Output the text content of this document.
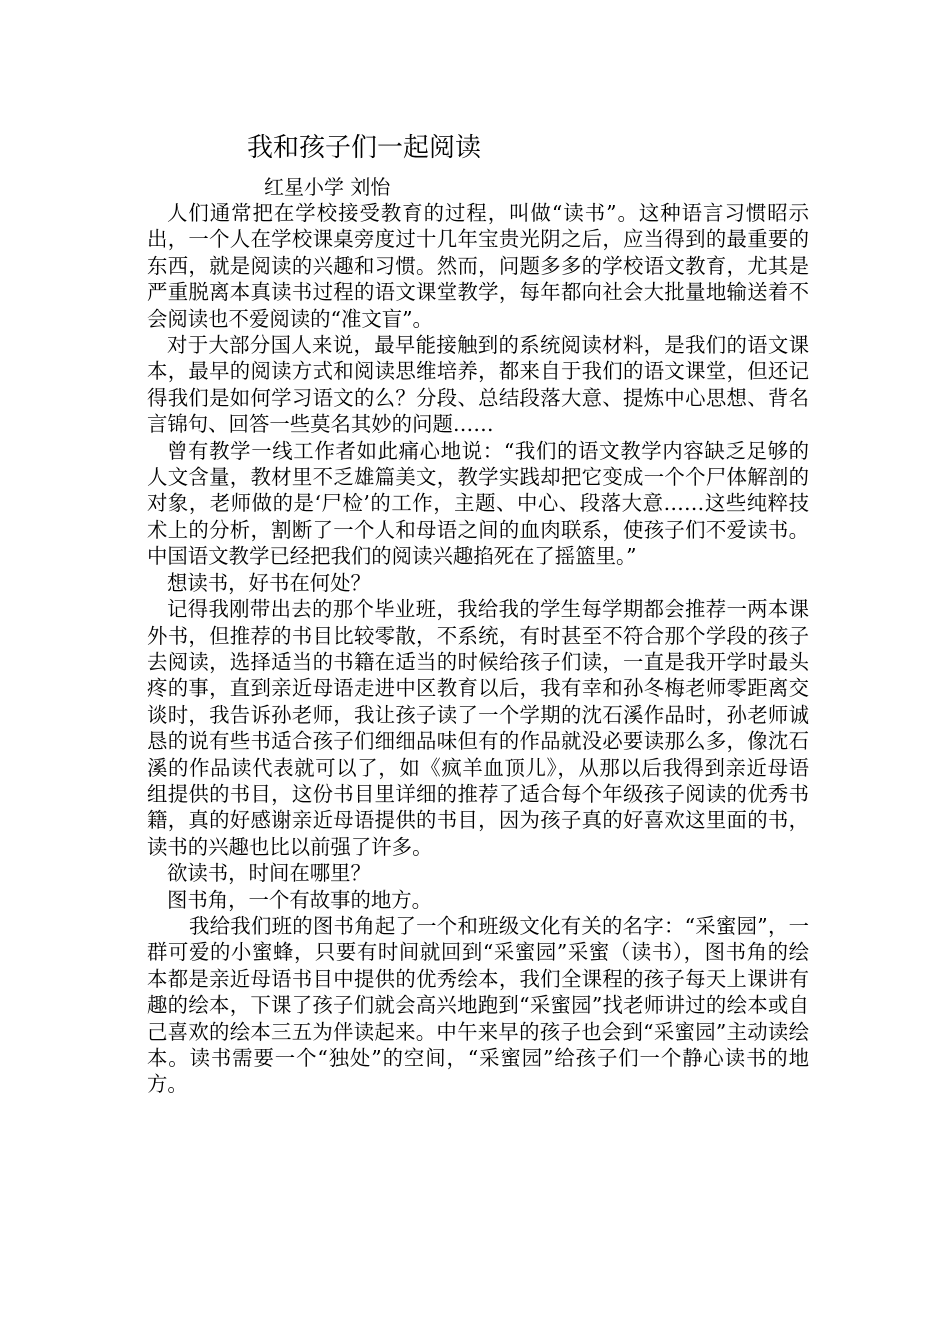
我和孩子们一起阅读
红星小学 刘怡

人们通常把在学校接受教育的过程，叫做“读书”。这种语言习惯昭示出，一个人在学校课桌旁度过十几年宝贵光阴之后，应当得到的最重要的东西，就是阅读的兴趣和习惯。然而，问题多多的学校语文教育，尤其是严重脱离本真读书过程的语文课堂教学，每年都向社会大批量地输送着不会阅读也不爱阅读的“准文盲”。

对于大部分国人来说，最早能接触到的系统阅读材料，是我们的语文课本，最早的阅读方式和阅读思维培养，都来自于我们的语文课堂，但还记得我们是如何学习语文的么？分段、总结段落大意、提炼中心思想、背名言锦句、回答一些莫名其妙的问题……

曾有教学一线工作者如此痛心地说：“我们的语文教学内容缺乏足够的人文含量，教材里不乏雄篇美文，教学实践却把它变成一个个尸体解剖的对象，老师做的是‘尸检’的工作，主题、中心、段落大意……这些纯粹技术上的分析，割断了一个人和母语之间的血肉联系，使孩子们不爱读书。中国语文教学已经把我们的阅读兴趣掐死在了摇篮里。”

想读书，好书在何处？

记得我刚带出去的那个毕业班，我给我的学生每学期都会推荐一两本课外书，但推荐的书目比较零散，不系统，有时甚至不符合那个学段的孩子去阅读，选择适当的书籍在适当的时候给孩子们读，一直是我开学时最头疼的事，直到亲近母语走进中区教育以后，我有幸和孙冬梅老师零距离交谈时，我告诉孙老师，我让孩子读了一个学期的沈石溪作品时，孙老师诚恳的说有些书适合孩子们细细品味但有的作品就没必要读那么多，像沈石溪的作品读代表就可以了，如《疯羊血顶儿》，从那以后我得到亲近母语组提供的书目，这份书目里详细的推荐了适合每个年级孩子阅读的优秀书籍，真的好感谢亲近母语提供的书目，因为孩子真的好喜欢这里面的书，读书的兴趣也比以前强了许多。

欲读书，时间在哪里？

图书角，一个有故事的地方。

我给我们班的图书角起了一个和班级文化有关的名字：“采蜜园”，一群可爱的小蜜蜂，只要有时间就回到“采蜜园”采蜜（读书），图书角的绘本都是亲近母语书目中提供的优秀绘本，我们全课程的孩子每天上课讲有趣的绘本，下课了孩子们就会高兴地跑到“采蜜园”找老师讲过的绘本或自己喜欢的绘本三五为伴读起来。中午来早的孩子也会到“采蜜园”主动读绘本。读书需要一个“独处”的空间，“采蜜园”给孩子们一个静心读书的地方。
